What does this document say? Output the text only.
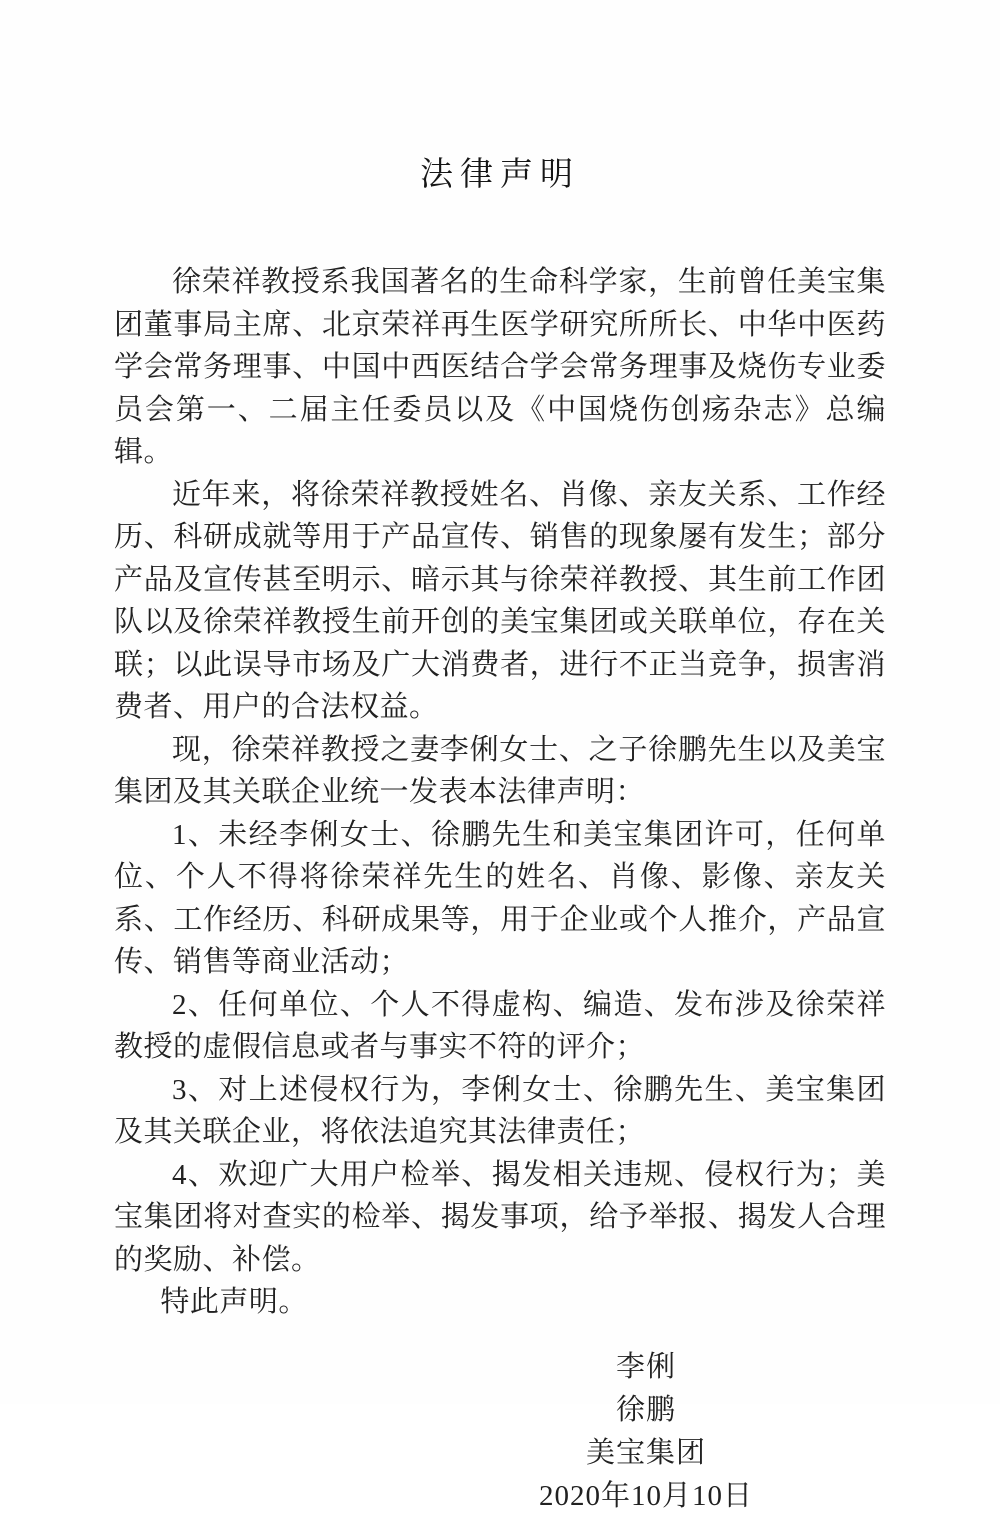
法律声明

徐荣祥教授系我国著名的生命科学家，生前曾任美宝集团董事局主席、北京荣祥再生医学研究所所长、中华中医药学会常务理事、中国中西医结合学会常务理事及烧伤专业委员会第一、二届主任委员以及《中国烧伤创疡杂志》总编辑。

近年来，将徐荣祥教授姓名、肖像、亲友关系、工作经历、科研成就等用于产品宣传、销售的现象屡有发生；部分产品及宣传甚至明示、暗示其与徐荣祥教授、其生前工作团队以及徐荣祥教授生前开创的美宝集团或关联单位，存在关联；以此误导市场及广大消费者，进行不正当竞争，损害消费者、用户的合法权益。

现，徐荣祥教授之妻李俐女士、之子徐鹏先生以及美宝集团及其关联企业统一发表本法律声明：

1、未经李俐女士、徐鹏先生和美宝集团许可，任何单位、个人不得将徐荣祥先生的姓名、肖像、影像、亲友关系、工作经历、科研成果等，用于企业或个人推介，产品宣传、销售等商业活动；

2、任何单位、个人不得虚构、编造、发布涉及徐荣祥教授的虚假信息或者与事实不符的评介；

3、对上述侵权行为，李俐女士、徐鹏先生、美宝集团及其关联企业，将依法追究其法律责任；

4、欢迎广大用户检举、揭发相关违规、侵权行为；美宝集团将对查实的检举、揭发事项，给予举报、揭发人合理的奖励、补偿。

特此声明。

李俐
徐鹏
美宝集团
2020年10月10日
